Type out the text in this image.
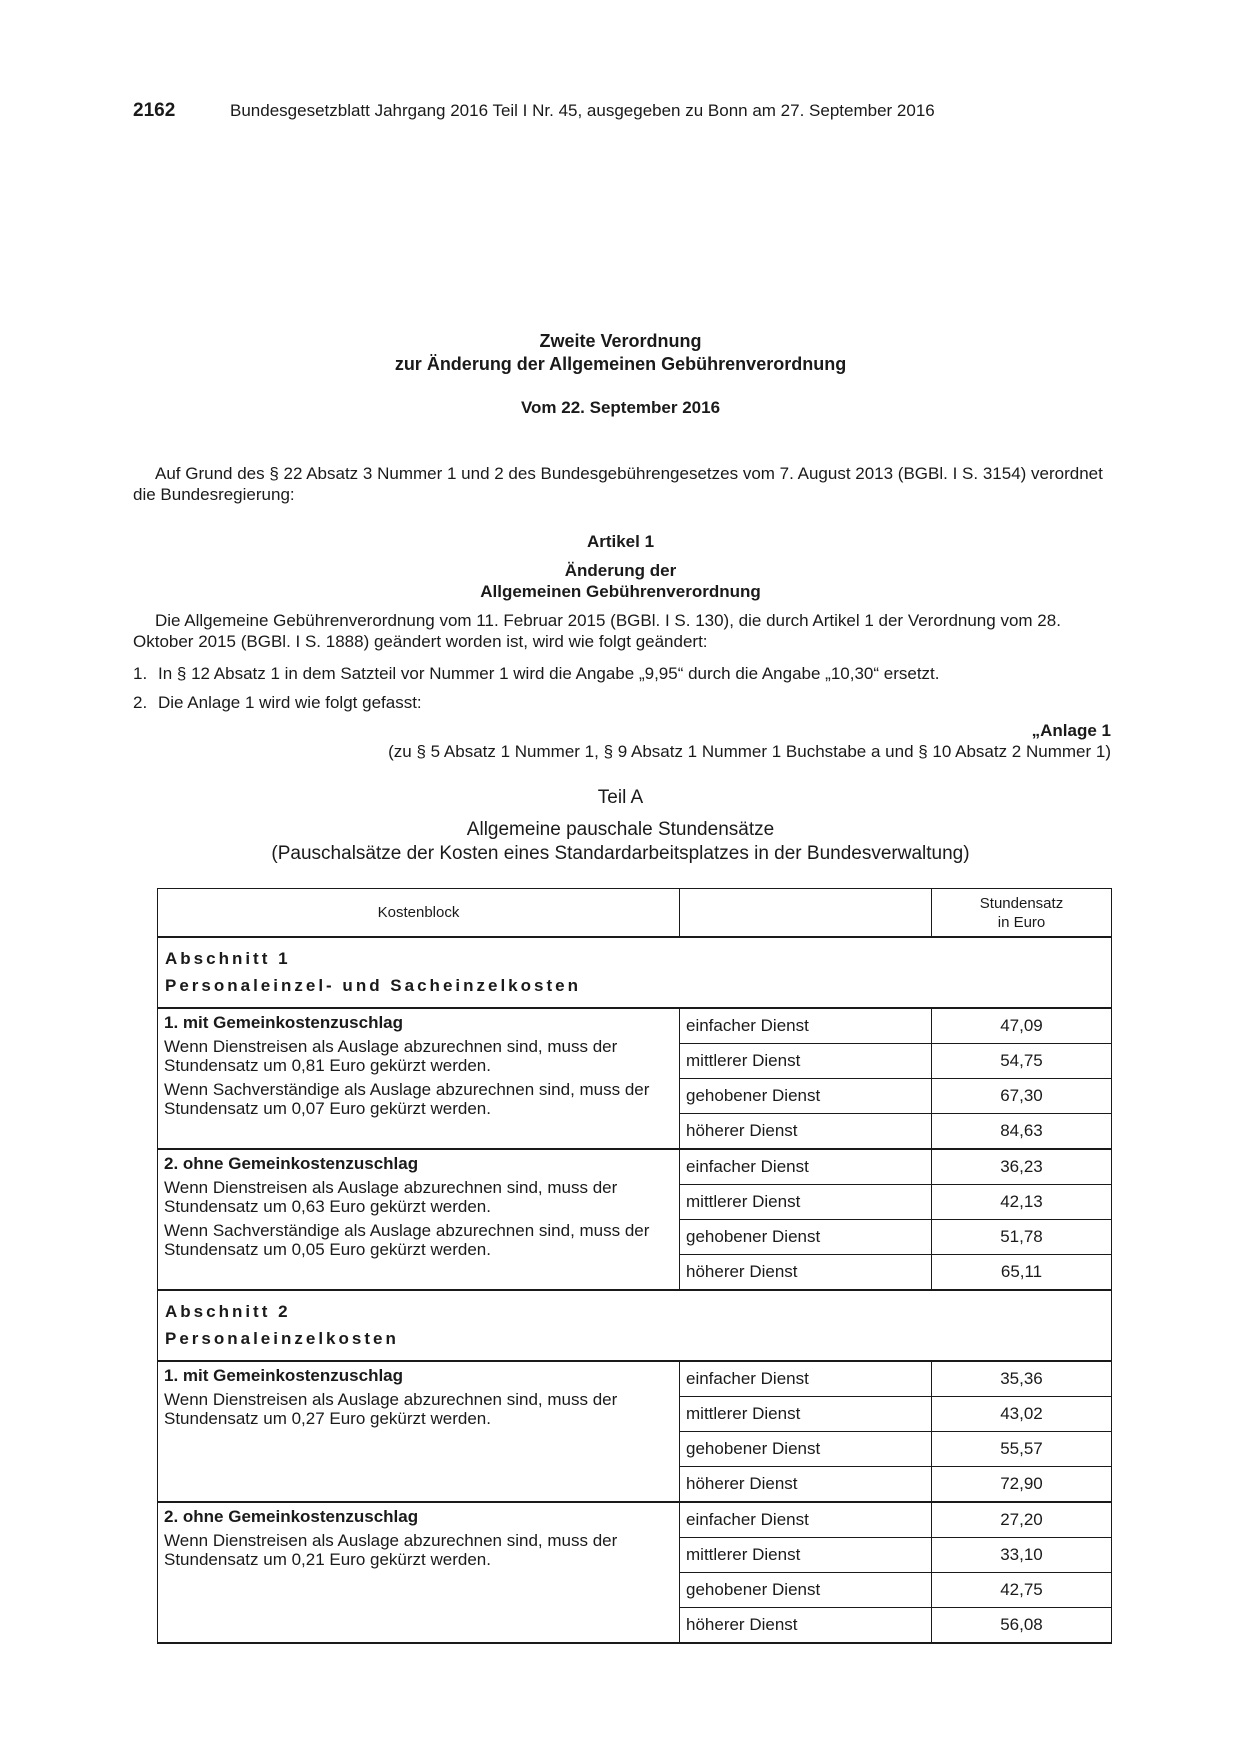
2162	Bundesgesetzblatt Jahrgang 2016 Teil I Nr. 45, ausgegeben zu Bonn am 27. September 2016
Zweite Verordnung
zur Änderung der Allgemeinen Gebührenverordnung
Vom 22. September 2016
Auf Grund des § 22 Absatz 3 Nummer 1 und 2 des Bundesgebührengesetzes vom 7. August 2013 (BGBl. I S. 3154) verordnet die Bundesregierung:
Artikel 1
Änderung der
Allgemeinen Gebührenverordnung
Die Allgemeine Gebührenverordnung vom 11. Februar 2015 (BGBl. I S. 130), die durch Artikel 1 der Verordnung vom 28. Oktober 2015 (BGBl. I S. 1888) geändert worden ist, wird wie folgt geändert:
1. In § 12 Absatz 1 in dem Satzteil vor Nummer 1 wird die Angabe „9,95“ durch die Angabe „10,30“ ersetzt.
2. Die Anlage 1 wird wie folgt gefasst:
„Anlage 1
(zu § 5 Absatz 1 Nummer 1, § 9 Absatz 1 Nummer 1 Buchstabe a und § 10 Absatz 2 Nummer 1)
Teil A
Allgemeine pauschale Stundensätze
(Pauschalsätze der Kosten eines Standardarbeitsplatzes in der Bundesverwaltung)
Kostenblock		Stundensatz
in Euro
Abschnitt 1
Personaleinzel- und Sacheinzelkosten		

1. mit Gemeinkostenzuschlag
Wenn Dienstreisen als Auslage abzurechnen sind, muss der Stundensatz um 0,81 Euro gekürzt werden.
Wenn Sachverständige als Auslage abzurechnen sind, muss der Stundensatz um 0,07 Euro gekürzt werden.	einfacher Dienst	47,09
	mittlerer Dienst	54,75
	gehobener Dienst	67,30
	höherer Dienst	84,63

2. ohne Gemeinkostenzuschlag
Wenn Dienstreisen als Auslage abzurechnen sind, muss der Stundensatz um 0,63 Euro gekürzt werden.
Wenn Sachverständige als Auslage abzurechnen sind, muss der Stundensatz um 0,05 Euro gekürzt werden.	einfacher Dienst	36,23
	mittlerer Dienst	42,13
	gehobener Dienst	51,78
	höherer Dienst	65,11
Abschnitt 2
Personaleinzelkosten		

1. mit Gemeinkostenzuschlag
Wenn Dienstreisen als Auslage abzurechnen sind, muss der Stundensatz um 0,27 Euro gekürzt werden.	einfacher Dienst	35,36
	mittlerer Dienst	43,02
	gehobener Dienst	55,57
	höherer Dienst	72,90

2. ohne Gemeinkostenzuschlag
Wenn Dienstreisen als Auslage abzurechnen sind, muss der Stundensatz um 0,21 Euro gekürzt werden.	einfacher Dienst	27,20
	mittlerer Dienst	33,10
	gehobener Dienst	42,75
	höherer Dienst	56,08
